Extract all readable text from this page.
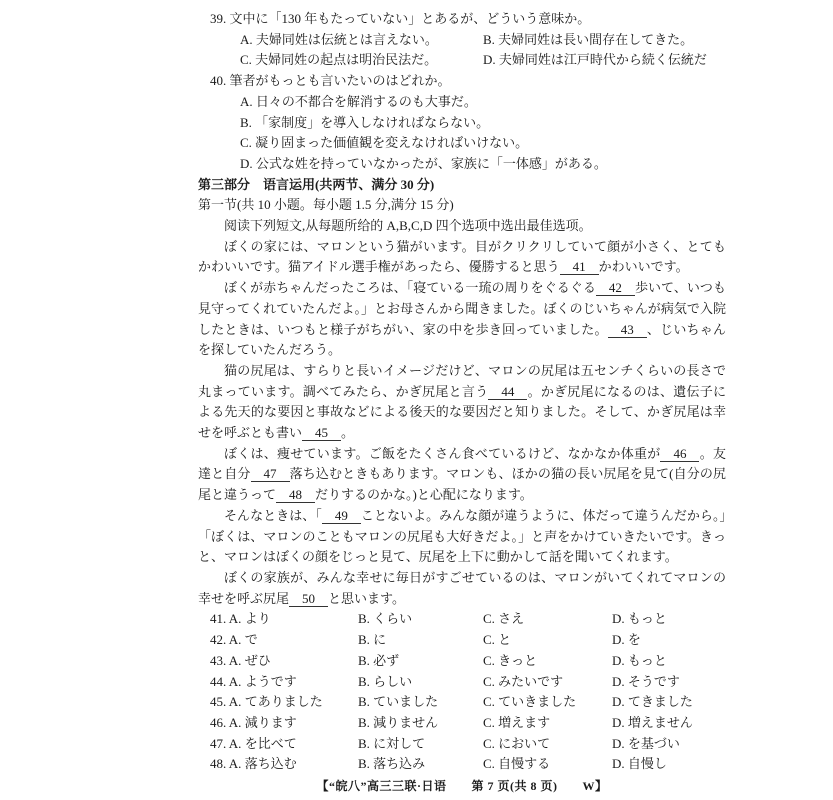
39. 文中に「130 年もたっていない」とあるが、どういう意味か。
A. 夫婦同姓は伝統とは言えない。	B. 夫婦同姓は長い間存在してきた。
C. 夫婦同姓の起点は明治民法だ。	D. 夫婦同姓は江戸時代から続く伝統だ
40. 筆者がもっとも言いたいのはどれか。
A. 日々の不都合を解消するのも大事だ。
B. 「家制度」を導入しなければならない。
C. 凝り固まった価値観を変えなければいけない。
D. 公式な姓を持っていなかったが、家族に「一体感」がある。
第三部分　语言运用(共两节、满分 30 分)
第一节(共 10 小题。每小题 1.5 分,满分 15 分)
阅读下列短文,从每题所给的 A,B,C,D 四个选项中选出最佳选项。

ぼくの家には、マロンという猫がいます。目がクリクリしていて顔が小さく、とてもかわいいです。猫アイドル選手権があったら、優勝すると思う 41 かわいいです。

ぼくが赤ちゃんだったころは、「寝ている一琉の周りをぐるぐる 42 歩いて、いつも見守ってくれていたんだよ。」とお母さんから聞きました。ぼくのじいちゃんが病気で入院したときは、いつもと様子がちがい、家の中を歩き回っていました。 43 、じいちゃんを探していたんだろう。

猫の尻尾は、すらりと長いイメージだけど、マロンの尻尾は五センチくらいの長さで丸まっています。調べてみたら、かぎ尻尾と言う 44 。かぎ尻尾になるのは、遺伝子による先天的な要因と事故などによる後天的な要因だと知りました。そして、かぎ尻尾は幸せを呼ぶとも書い 45 。

ぼくは、痩せています。ご飯をたくさん食べているけど、なかなか体重が 46 。友達と自分 47 落ち込むときもあります。マロンも、ほかの猫の長い尻尾を見て(自分の尻尾と違うって 48 だりするのかな。)と心配になります。

そんなときは、「 49 ことないよ。みんな顔が違うように、体だって違うんだから。」「ぼくは、マロンのこともマロンの尻尾も大好きだよ。」と声をかけていきたいです。きっと、マロンはぼくの顔をじっと見て、尻尾を上下に動かして話を聞いてくれます。

ぼくの家族が、みんな幸せに毎日がすごせているのは、マロンがいてくれてマロンの幸せを呼ぶ尻尾 50 と思います。

41. A. より	B. くらい	C. さえ	D. もっと
42. A. で	B. に	C. と	D. を
43. A. ぜひ	B. 必ず	C. きっと	D. もっと
44. A. ようです	B. らしい	C. みたいです	D. そうです
45. A. てありました	B. ていました	C. ていきました	D. てきました
46. A. 減ります	B. 減りません	C. 増えます	D. 増えません
47. A. を比べて	B. に対して	C. において	D. を基づい
48. A. 落ち込む	B. 落ち込み	C. 自慢する	D. 自慢し
【“皖八”高三三联·日语　　第 7 页(共 8 页)　　W】
